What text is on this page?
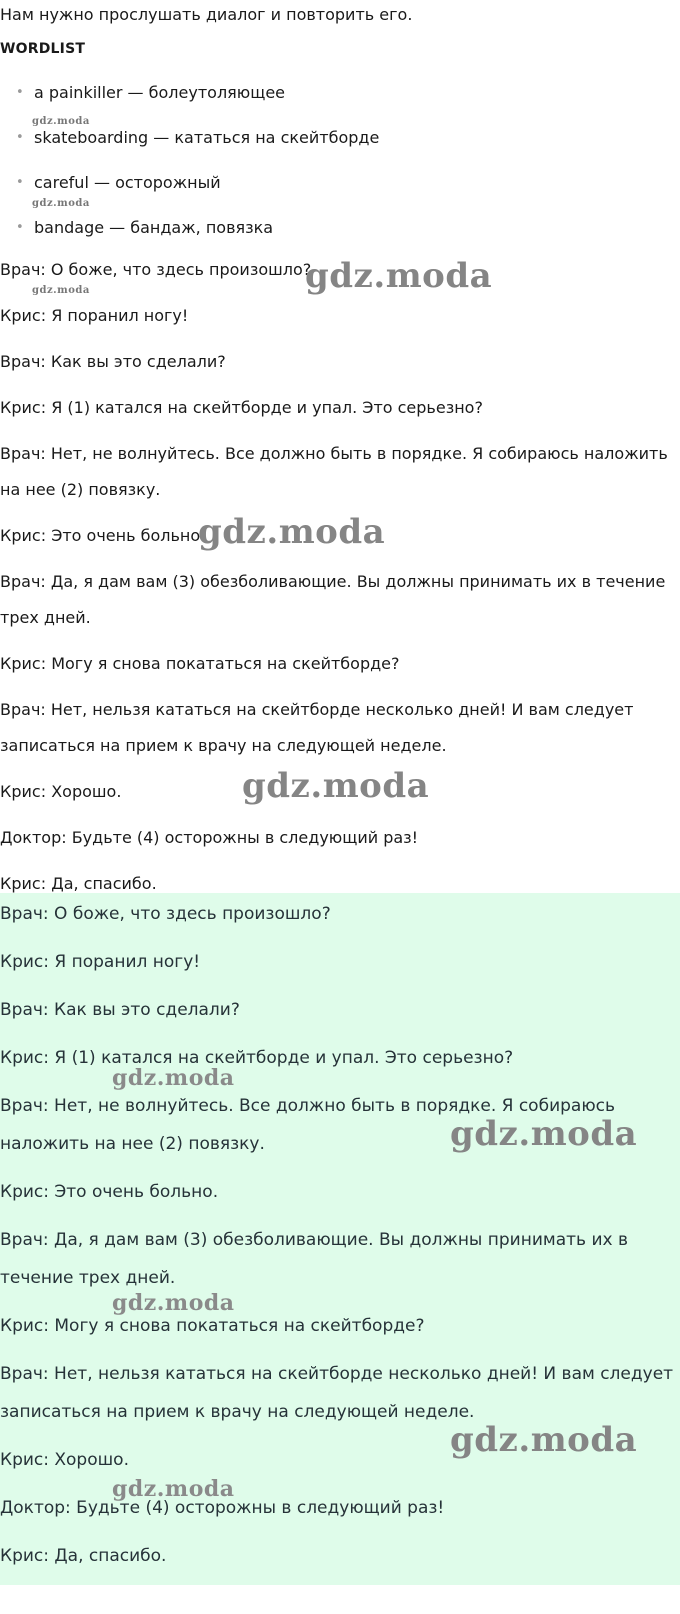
Нам нужно прослушать диалог и повторить его.

WORDLIST
• a painkiller — болеутоляющее
• skateboarding — кататься на скейтборде
• careful — осторожный
• bandage — бандаж, повязка

Врач: О боже, что здесь произошло?

Крис: Я поранил ногу!

Врач: Как вы это сделали?

Крис: Я (1) катался на скейтборде и упал. Это серьезно?

Врач: Нет, не волнуйтесь. Все должно быть в порядке. Я собираюсь наложить на нее (2) повязку.

Крис: Это очень больно.

Врач: Да, я дам вам (3) обезболивающие. Вы должны принимать их в течение трех дней.

Крис: Могу я снова покататься на скейтборде?

Врач: Нет, нельзя кататься на скейтборде несколько дней! И вам следует записаться на прием к врачу на следующей неделе.

Крис: Хорошо.

Доктор: Будьте (4) осторожны в следующий раз!

Крис: Да, спасибо.

Врач: О боже, что здесь произошло?

Крис: Я поранил ногу!

Врач: Как вы это сделали?

Крис: Я (1) катался на скейтборде и упал. Это серьезно?

Врач: Нет, не волнуйтесь. Все должно быть в порядке. Я собираюсь наложить на нее (2) повязку.

Крис: Это очень больно.

Врач: Да, я дам вам (3) обезболивающие. Вы должны принимать их в течение трех дней.

Крис: Могу я снова покататься на скейтборде?

Врач: Нет, нельзя кататься на скейтборде несколько дней! И вам следует записаться на прием к врачу на следующей неделе.

Крис: Хорошо.

Доктор: Будьте (4) осторожны в следующий раз!

Крис: Да, спасибо.

gdz.moda
gdz.moda
gdz.moda	gdz.moda
gdz.moda
gdz.moda
gdz.moda
gdz.moda
gdz.moda
gdz.moda
gdz.moda
